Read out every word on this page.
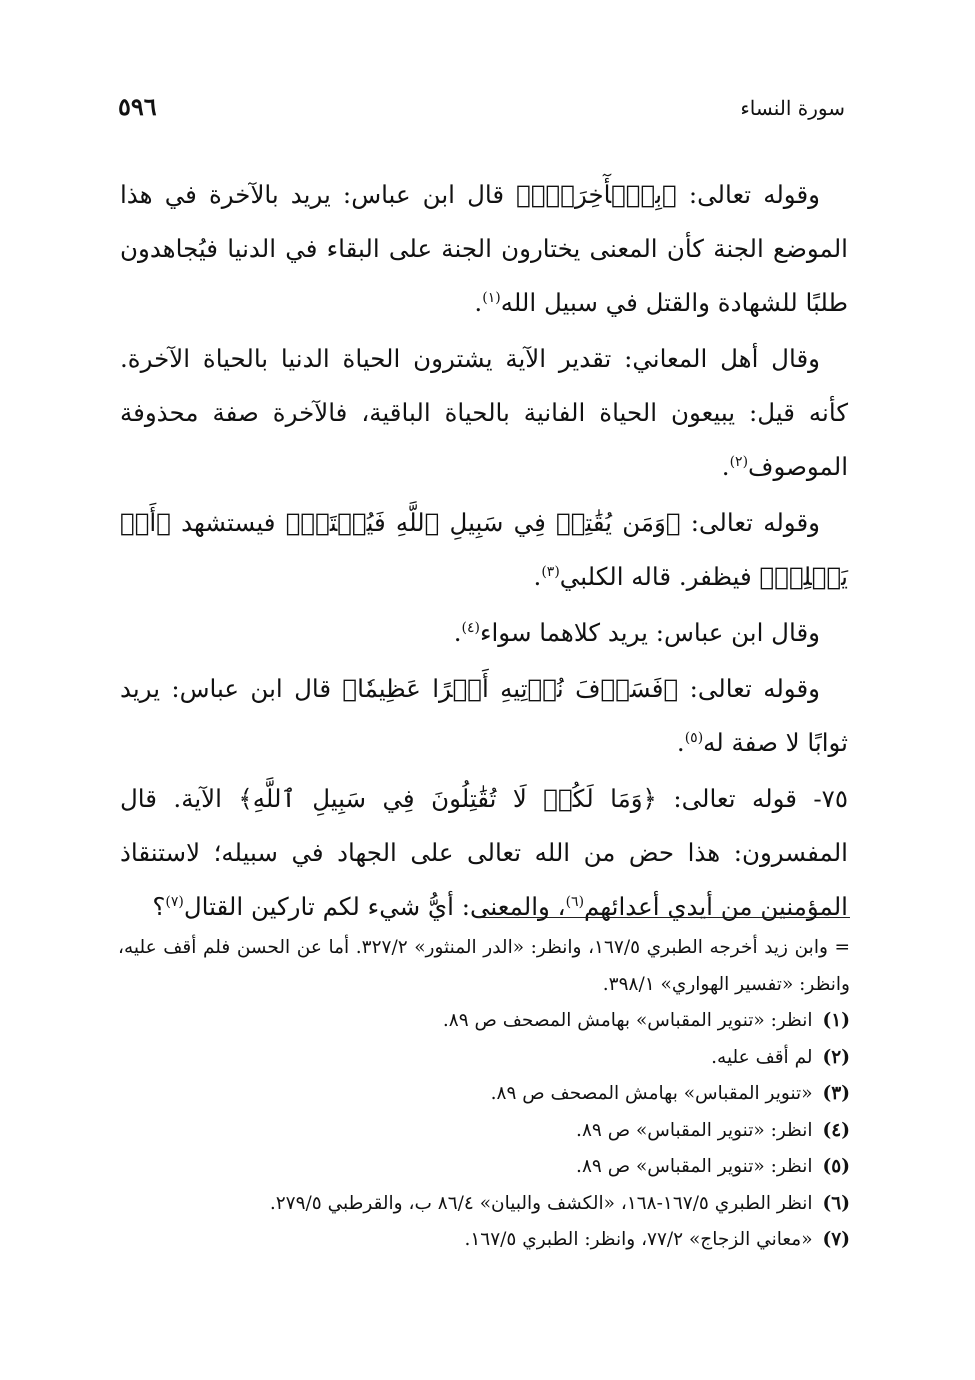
٥٩٦	سورة النساء

وقوله تعالى: ﴿بِٱلۡأٓخِرَةِۚ﴾ قال ابن عباس: يريد بالآخرة في هذا الموضع الجنة كأن المعنى يختارون الجنة على البقاء في الدنيا فيُجاهدون طلبًا للشهادة والقتل في سبيل الله$^{(١)}$.

وقال أهل المعاني: تقدير الآية يشترون الحياة الدنيا بالحياة الآخرة. كأنه قيل: يبيعون الحياة الفانية بالحياة الباقية، فالآخرة صفة محذوفة الموصوف$^{(٢)}$.

وقوله تعالى: ﴿وَمَن يُقَٰتِلۡ فِي سَبِيلِ ٱللَّهِ فَيُقۡتَلۡ﴾ فيستشهد ﴿أَوۡ يَغۡلِبۡ﴾ فيظفر. قاله الكلبي$^{(٣)}$.

وقال ابن عباس: يريد كلاهما سواء$^{(٤)}$.

وقوله تعالى: ﴿فَسَوۡفَ نُؤۡتِيهِ أَجۡرًا عَظِيمٗا﴾ قال ابن عباس: يريد ثوابًا لا صفة له$^{(٥)}$.

٧٥- قوله تعالى: ﴿وَمَا لَكُمۡ لَا تُقَٰتِلُونَ فِي سَبِيلِ ٱللَّهِ﴾ الآية. قال المفسرون: هذا حض من الله تعالى على الجهاد في سبيله؛ لاستنقاذ المؤمنين من أيدي أعدائهم$^{(٦)}$، والمعنى: أيُّ شيء لكم تاركين القتال$^{(٧)}$؟

= وابن زيد أخرجه الطبري ١٦٧/٥، وانظر: «الدر المنثور» ٣٢٧/٢. أما عن الحسن فلم أقف عليه، وانظر: «تفسير الهواري» ٣٩٨/١.

(١)
انظر: «تنوير المقباس» بهامش المصحف ص ٨٩.
(٢)
لم أقف عليه.
(٣)
«تنوير المقباس» بهامش المصحف ص ٨٩.
(٤)
انظر: «تنوير المقباس» ص ٨٩.
(٥)
انظر: «تنوير المقباس» ص ٨٩.
(٦)
انظر الطبري ١٦٧/٥-١٦٨، «الكشف والبيان» ٨٦/٤ ب، والقرطبي ٢٧٩/٥.
(٧)
«معاني الزجاج» ٧٧/٢، وانظر: الطبري ١٦٧/٥.
